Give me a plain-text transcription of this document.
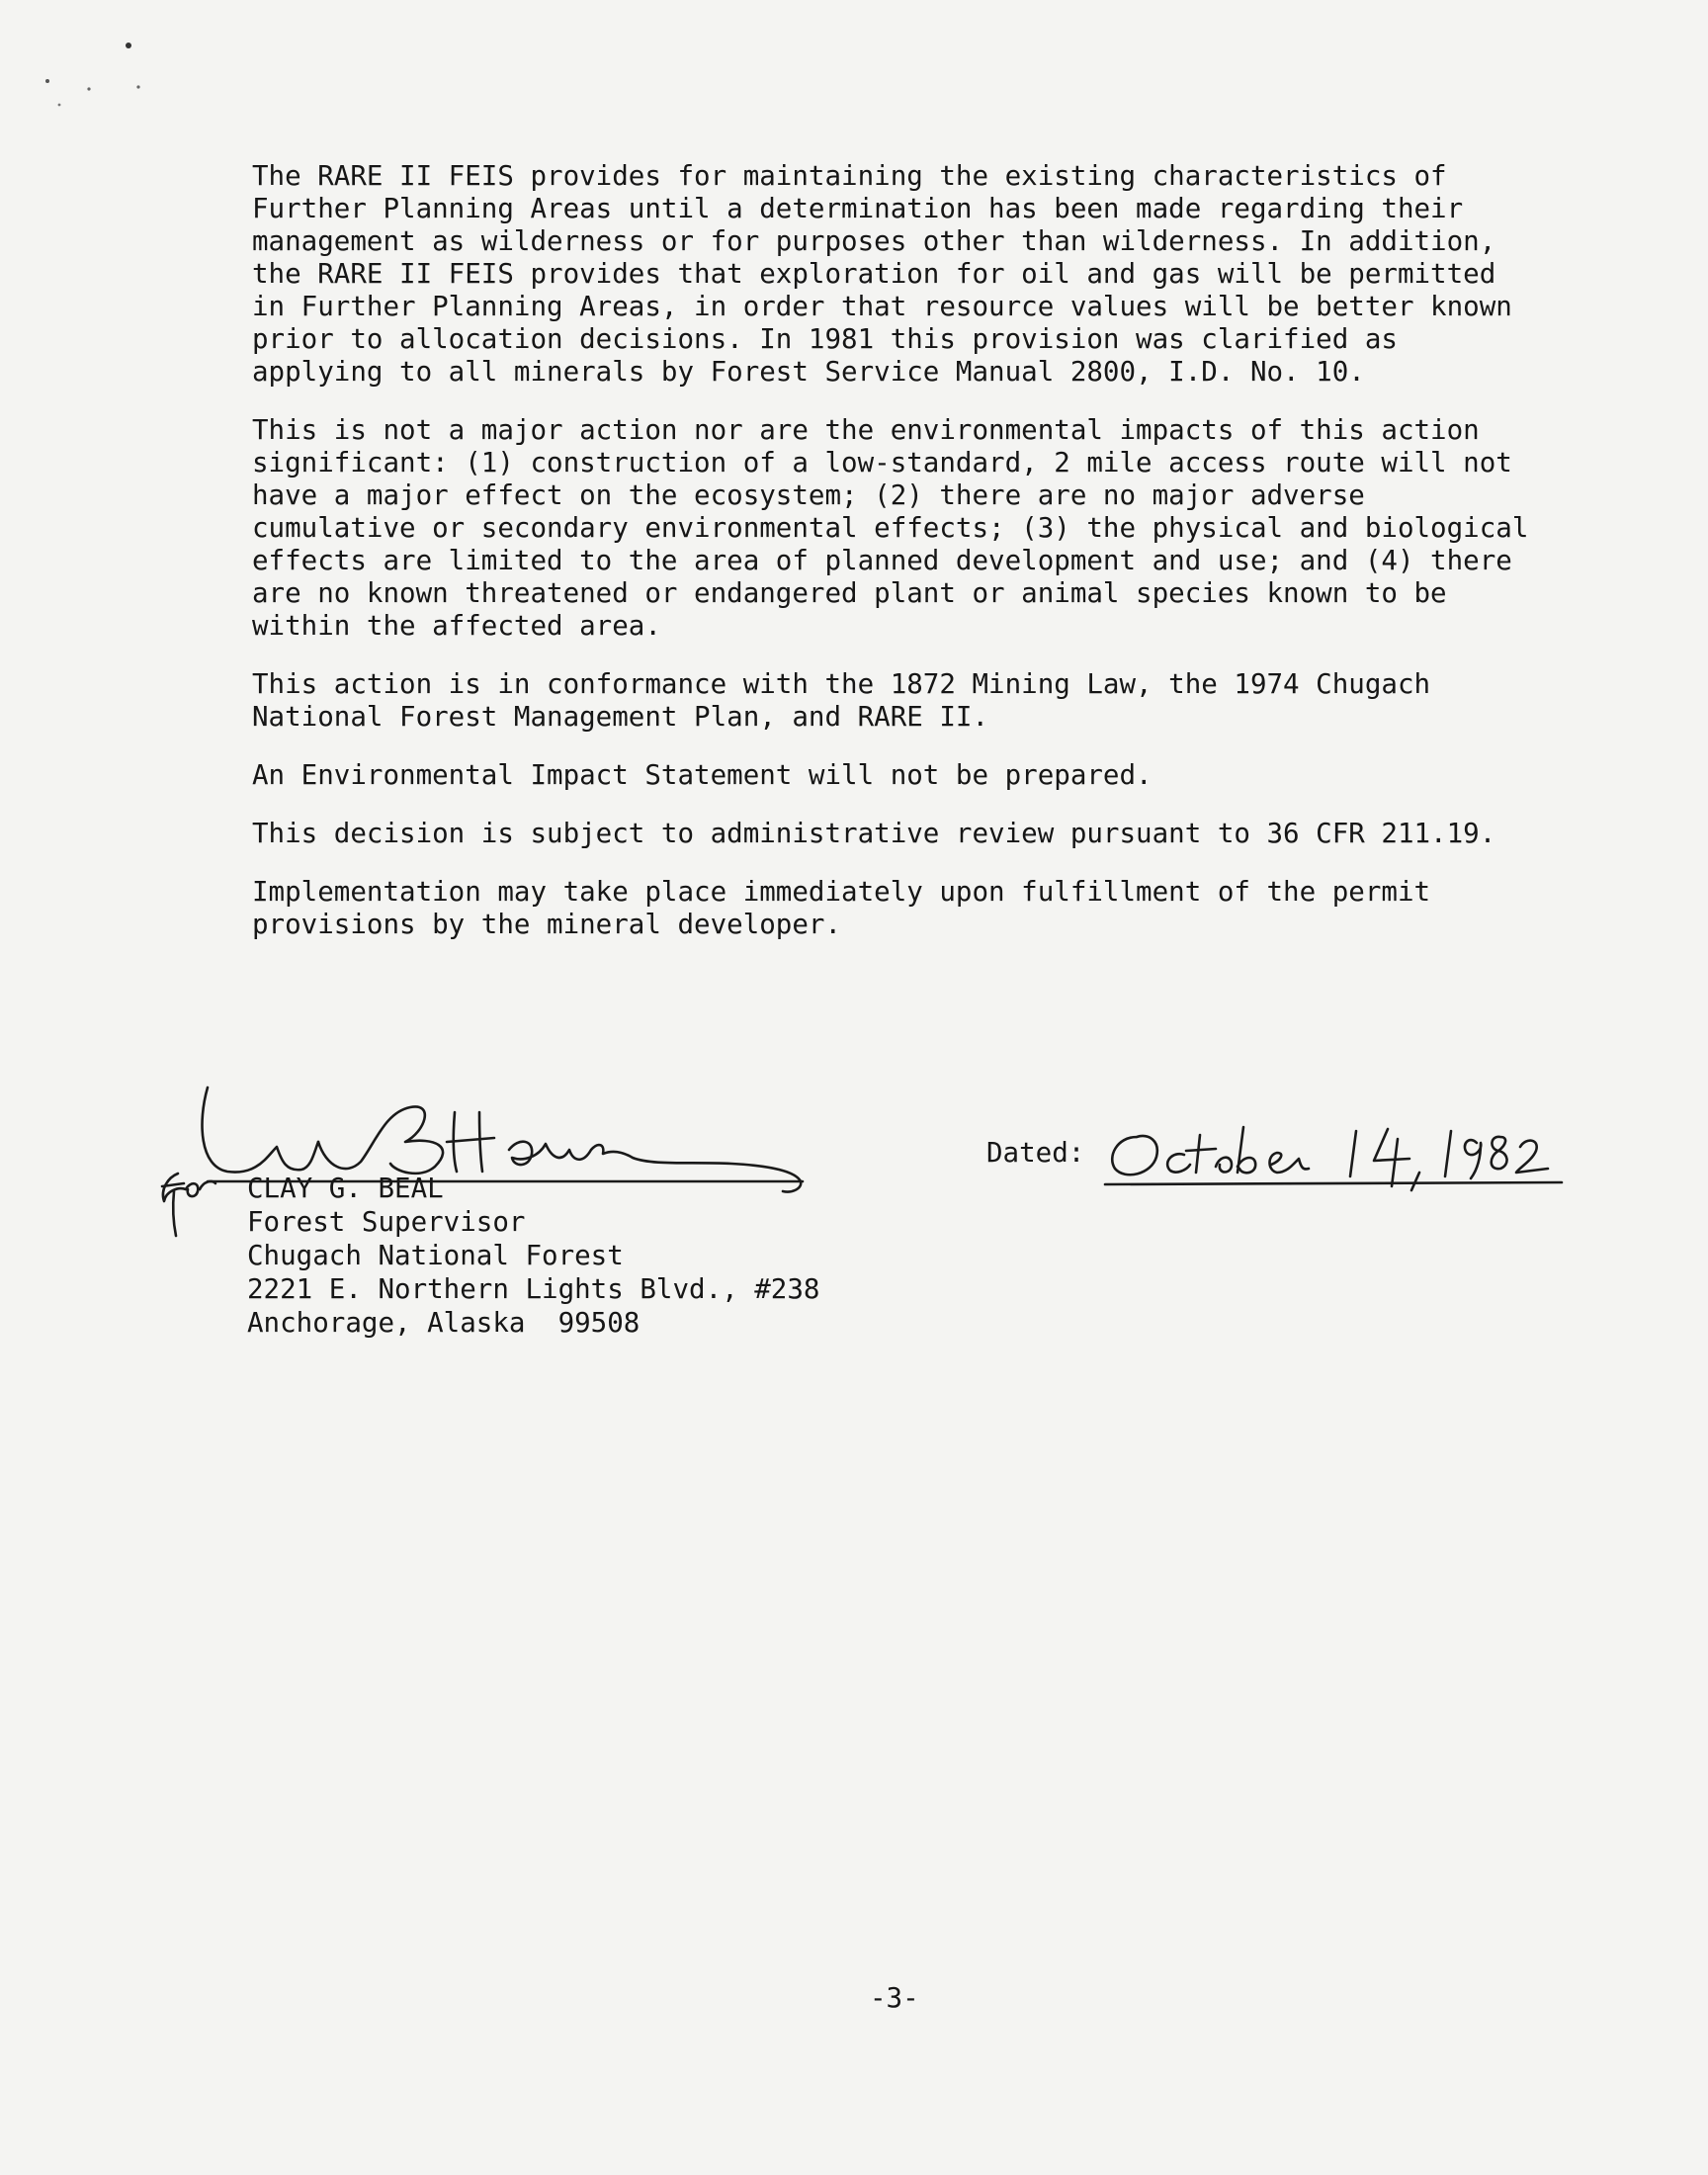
The RARE II FEIS provides for maintaining the existing characteristics of
Further Planning Areas until a determination has been made regarding their
management as wilderness or for purposes other than wilderness. In addition,
the RARE II FEIS provides that exploration for oil and gas will be permitted
in Further Planning Areas, in order that resource values will be better known
prior to allocation decisions. In 1981 this provision was clarified as
applying to all minerals by Forest Service Manual 2800, I.D. No. 10.

This is not a major action nor are the environmental impacts of this action
significant: (1) construction of a low-standard, 2 mile access route will not
have a major effect on the ecosystem; (2) there are no major adverse
cumulative or secondary environmental effects; (3) the physical and biological
effects are limited to the area of planned development and use; and (4) there
are no known threatened or endangered plant or animal species known to be
within the affected area.

This action is in conformance with the 1872 Mining Law, the 1974 Chugach
National Forest Management Plan, and RARE II.

An Environmental Impact Statement will not be prepared.

This decision is subject to administrative review pursuant to 36 CFR 211.19.

Implementation may take place immediately upon fulfillment of the permit
provisions by the mineral developer.

CLAY G. BEAL
Forest Supervisor
Chugach National Forest
2221 E. Northern Lights Blvd., #238
Anchorage, Alaska  99508
Dated:
-3-
